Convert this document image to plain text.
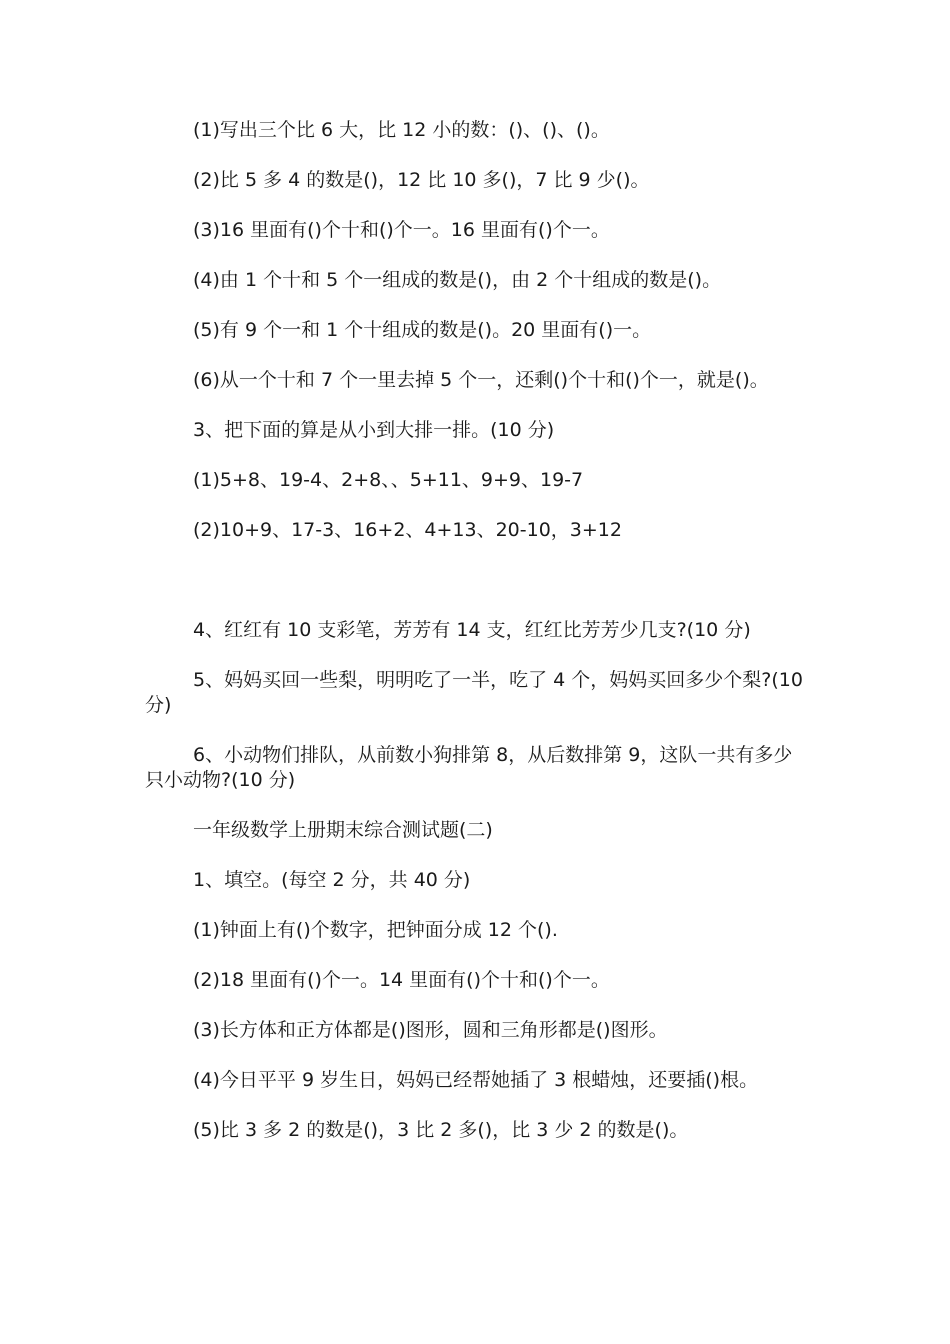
(1)写出三个比 6 大，比 12 小的数：()、()、()。

(2)比 5 多 4 的数是()，12 比 10 多()，7 比 9 少()。

(3)16 里面有()个十和()个一。16 里面有()个一。

(4)由 1 个十和 5 个一组成的数是()，由 2 个十组成的数是()。

(5)有 9 个一和 1 个十组成的数是()。20 里面有()一。

(6)从一个十和 7 个一里去掉 5 个一，还剩()个十和()个一，就是()。

3、把下面的算是从小到大排一排。(10 分)

(1)5+8、19-4、2+8、、5+11、9+9、19-7

(2)10+9、17-3、16+2、4+13、20-10，3+12

4、红红有 10 支彩笔，芳芳有 14 支，红红比芳芳少几支?(10 分)

5、妈妈买回一些梨，明明吃了一半，吃了 4 个，妈妈买回多少个梨?(10 分)

6、小动物们排队，从前数小狗排第 8，从后数排第 9，这队一共有多少只小动物?(10 分)

一年级数学上册期末综合测试题(二)

1、填空。(每空 2 分，共 40 分)

(1)钟面上有()个数字，把钟面分成 12 个().

(2)18 里面有()个一。14 里面有()个十和()个一。

(3)长方体和正方体都是()图形，圆和三角形都是()图形。

(4)今日平平 9 岁生日，妈妈已经帮她插了 3 根蜡烛，还要插()根。

(5)比 3 多 2 的数是()，3 比 2 多()，比 3 少 2 的数是()。
